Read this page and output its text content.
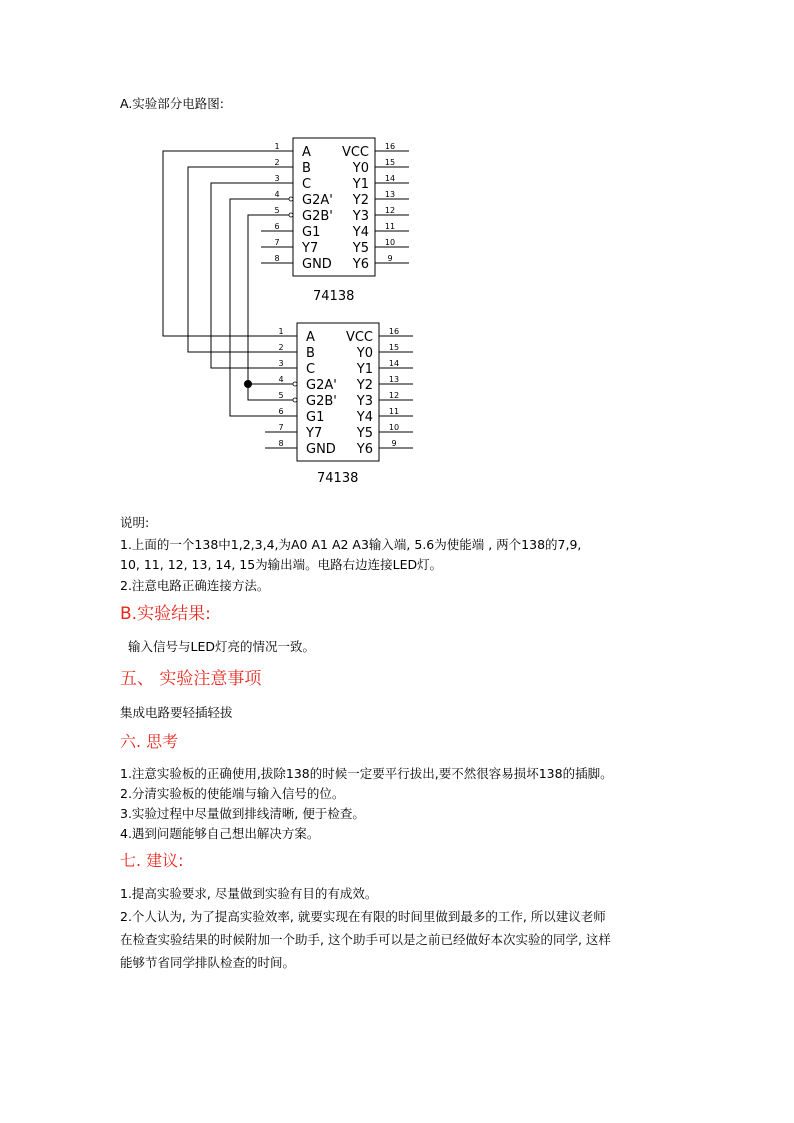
A.实验部分电路图:
1 A
2 B
3 C
4 G2A'
5 G2B'
6 G1
7 Y7
8 GND
16
VCC
15
Y0
14
Y1
13
Y2
12
Y3
11
Y4
10
Y5
9
Y6
74138
1 A
2 B
3 C
4 G2A'
5 G2B'
6 G1
7 Y7
8 GND
16
VCC
15
Y0
14
Y1
13
Y2
12
Y3
11
Y4
10
Y5
9
Y6
74138
说明:
1.上面的一个138中1,2,3,4,为A0 A1 A2 A3输入端, 5.6为使能端 , 两个138的7,9,
10, 11, 12, 13, 14, 15为输出端。电路右边连接LED灯。
2.注意电路正确连接方法。
B.实验结果:
输入信号与LED灯亮的情况一致。
五、 实验注意事项
集成电路要轻插轻拔
六. 思考
1.注意实验板的正确使用,拔除138的时候一定要平行拔出,要不然很容易损坏138的插脚。
2.分清实验板的使能端与输入信号的位。
3.实验过程中尽量做到排线清晰, 便于检查。
4.遇到问题能够自己想出解决方案。
七. 建议:
1.提高实验要求, 尽量做到实验有目的有成效。
2.个人认为, 为了提高实验效率, 就要实现在有限的时间里做到最多的工作, 所以建议老师
在检查实验结果的时候附加一个助手, 这个助手可以是之前已经做好本次实验的同学, 这样
能够节省同学排队检查的时间。
